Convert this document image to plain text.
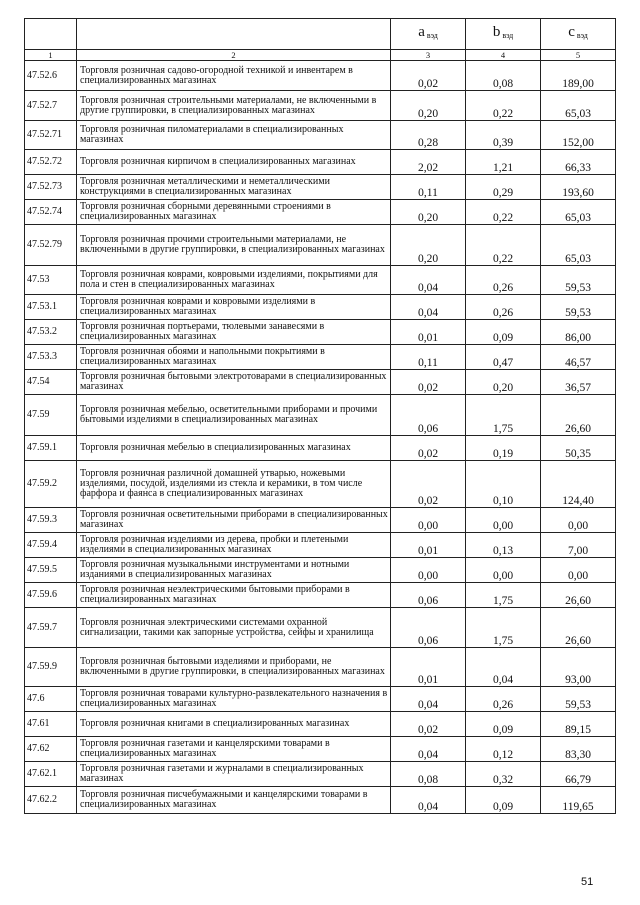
		a $_{вэд}$	b $_{вэд}$	c $_{вэд}$
1	2	3	4	5
47.52.6	Торговля розничная садово-огородной техникой и инвентарем в специализированных магазинах	0,02	0,08	189,00
47.52.7	Торговля розничная строительными материалами, не включенными в другие группировки, в специализированных магазинах	0,20	0,22	65,03
47.52.71	Торговля розничная пиломатериалами в специализированных магазинах	0,28	0,39	152,00
47.52.72	Торговля розничная кирпичом в специализированных магазинах	2,02	1,21	66,33
47.52.73	Торговля розничная металлическими и неметаллическими конструкциями в специализированных магазинах	0,11	0,29	193,60
47.52.74	Торговля розничная сборными деревянными строениями в специализированных магазинах	0,20	0,22	65,03
47.52.79	Торговля розничная прочими строительными материалами, не включенными в другие группировки, в специализированных магазинах	0,20	0,22	65,03
47.53	Торговля розничная коврами, ковровыми изделиями, покрытиями для пола и стен в специализированных магазинах	0,04	0,26	59,53
47.53.1	Торговля розничная коврами и ковровыми изделиями в специализированных магазинах	0,04	0,26	59,53
47.53.2	Торговля розничная портьерами, тюлевыми занавесями в специализированных магазинах	0,01	0,09	86,00
47.53.3	Торговля розничная обоями и напольными покрытиями в специализированных магазинах	0,11	0,47	46,57
47.54	Торговля розничная бытовыми электротоварами в специализированных магазинах	0,02	0,20	36,57
47.59	Торговля розничная мебелью, осветительными приборами и прочими бытовыми изделиями в специализированных магазинах	0,06	1,75	26,60
47.59.1	Торговля розничная мебелью в специализированных магазинах	0,02	0,19	50,35
47.59.2	Торговля розничная различной домашней утварью, ножевыми изделиями, посудой, изделиями из стекла и керамики, в том числе фарфора и фаянса в специализированных магазинах	0,02	0,10	124,40
47.59.3	Торговля розничная осветительными приборами в специализированных магазинах	0,00	0,00	0,00
47.59.4	Торговля розничная изделиями из дерева, пробки и плетеными изделиями в специализированных магазинах	0,01	0,13	7,00
47.59.5	Торговля розничная музыкальными инструментами и нотными изданиями в специализированных магазинах	0,00	0,00	0,00
47.59.6	Торговля розничная неэлектрическими бытовыми приборами в специализированных магазинах	0,06	1,75	26,60
47.59.7	Торговля розничная электрическими системами охранной сигнализации, такими как запорные устройства, сейфы и хранилища	0,06	1,75	26,60
47.59.9	Торговля розничная бытовыми изделиями и приборами, не включенными в другие группировки, в специализированных магазинах	0,01	0,04	93,00
47.6	Торговля розничная товарами культурно-развлекательного назначения в специализированных магазинах	0,04	0,26	59,53
47.61	Торговля розничная книгами в специализированных магазинах	0,02	0,09	89,15
47.62	Торговля розничная газетами и канцелярскими товарами в специализированных магазинах	0,04	0,12	83,30
47.62.1	Торговля розничная газетами и журналами в специализированных магазинах	0,08	0,32	66,79
47.62.2	Торговля розничная писчебумажными и канцелярскими товарами в специализированных магазинах	0,04	0,09	119,65
51
